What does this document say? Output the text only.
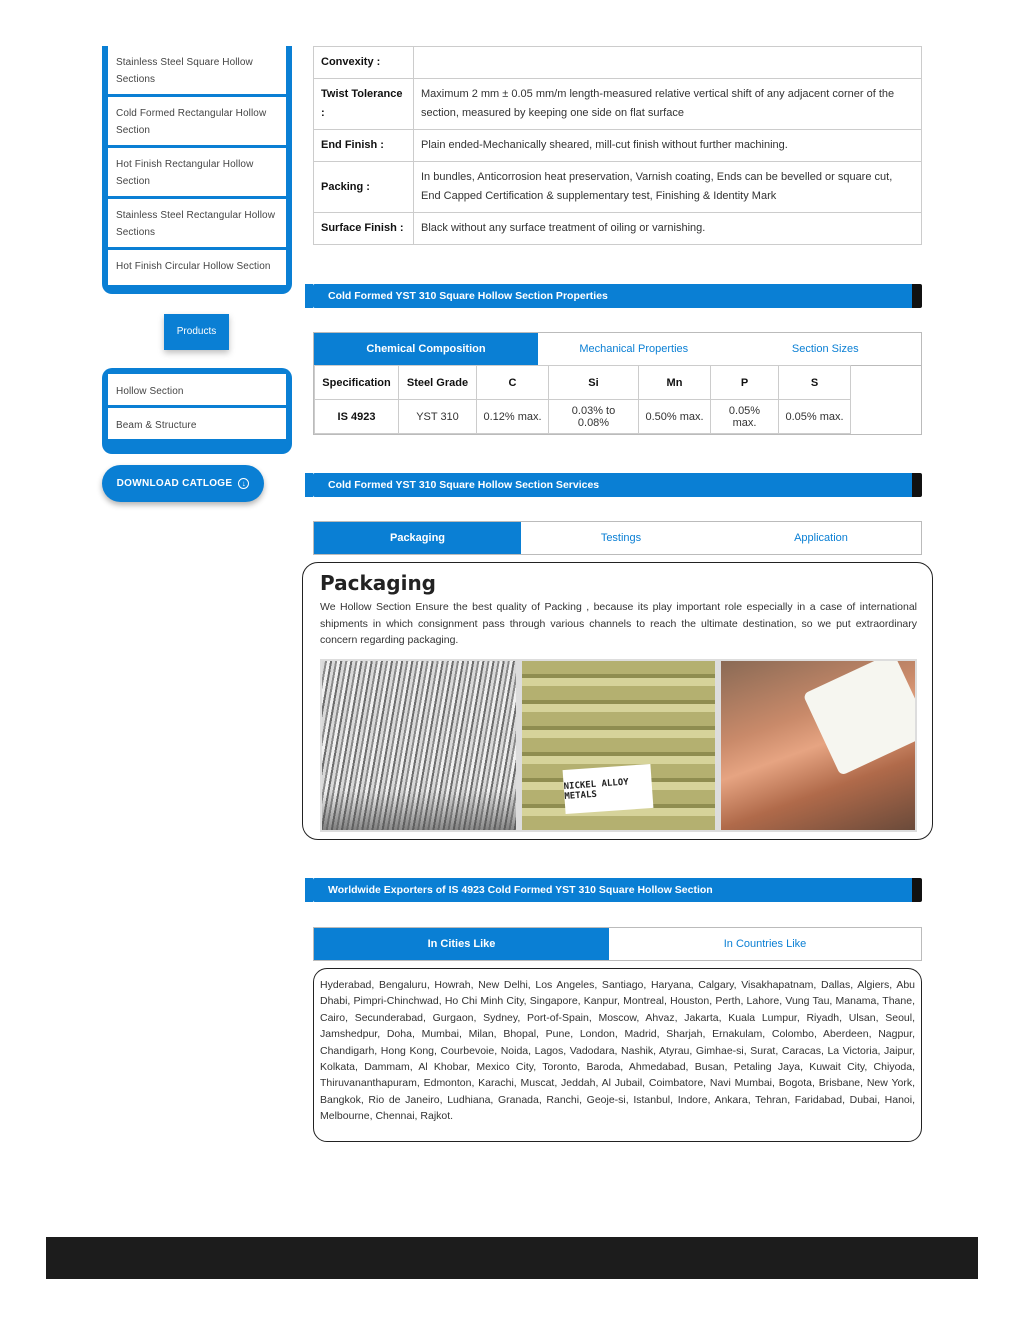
Stainless Steel Square Hollow Sections
Cold Formed Rectangular Hollow Section
Hot Finish Rectangular Hollow Section
Stainless Steel Rectangular Hollow Sections
Hot Finish Circular Hollow Section
Products
Hollow Section
Beam & Structure
DOWNLOAD CATLOGE	↓
Convexity :	
Twist Tolerance :	Maximum 2 mm ± 0.05 mm/m length-measured relative vertical shift of any adjacent corner of the section, measured by keeping one side on flat surface
End Finish :	Plain ended-Mechanically sheared, mill-cut finish without further machining.
Packing :	In bundles, Anticorrosion heat preservation, Varnish coating, Ends can be bevelled or square cut, End Capped Certification & supplementary test, Finishing & Identity Mark
Surface Finish :	Black without any surface treatment of oiling or varnishing.
Cold Formed YST 310 Square Hollow Section Properties
Chemical Composition	Mechanical Properties	Section Sizes
Specification	Steel Grade	C	Si	Mn	P	S
IS 4923	YST 310	0.12% max.	0.03% to 0.08%	0.50% max.	0.05% max.	0.05% max.
Cold Formed YST 310 Square Hollow Section Services
Packaging	Testings	Application
Packaging
We Hollow Section Ensure the best quality of Packing , because its play important role especially in a case of international shipments in which consignment pass through various channels to reach the ultimate destination, so we put extraordinary concern regarding packaging.
NICKEL ALLOY METALS
Worldwide Exporters of IS 4923 Cold Formed YST 310 Square Hollow Section
In Cities Like	In Countries Like
Hyderabad, Bengaluru, Howrah, New Delhi, Los Angeles, Santiago, Haryana, Calgary, Visakhapatnam, Dallas, Algiers, Abu Dhabi, Pimpri-Chinchwad, Ho Chi Minh City, Singapore, Kanpur, Montreal, Houston, Perth, Lahore, Vung Tau, Manama, Thane, Cairo, Secunderabad, Gurgaon, Sydney, Port-of-Spain, Moscow, Ahvaz, Jakarta, Kuala Lumpur, Riyadh, Ulsan, Seoul, Jamshedpur, Doha, Mumbai, Milan, Bhopal, Pune, London, Madrid, Sharjah, Ernakulam, Colombo, Aberdeen, Nagpur, Chandigarh, Hong Kong, Courbevoie, Noida, Lagos, Vadodara, Nashik, Atyrau, Gimhae-si, Surat, Caracas, La Victoria, Jaipur, Kolkata, Dammam, Al Khobar, Mexico City, Toronto, Baroda, Ahmedabad, Busan, Petaling Jaya, Kuwait City, Chiyoda, Thiruvananthapuram, Edmonton, Karachi, Muscat, Jeddah, Al Jubail, Coimbatore, Navi Mumbai, Bogota, Brisbane, New York, Bangkok, Rio de Janeiro, Ludhiana, Granada, Ranchi, Geoje-si, Istanbul, Indore, Ankara, Tehran, Faridabad, Dubai, Hanoi, Melbourne, Chennai, Rajkot.
